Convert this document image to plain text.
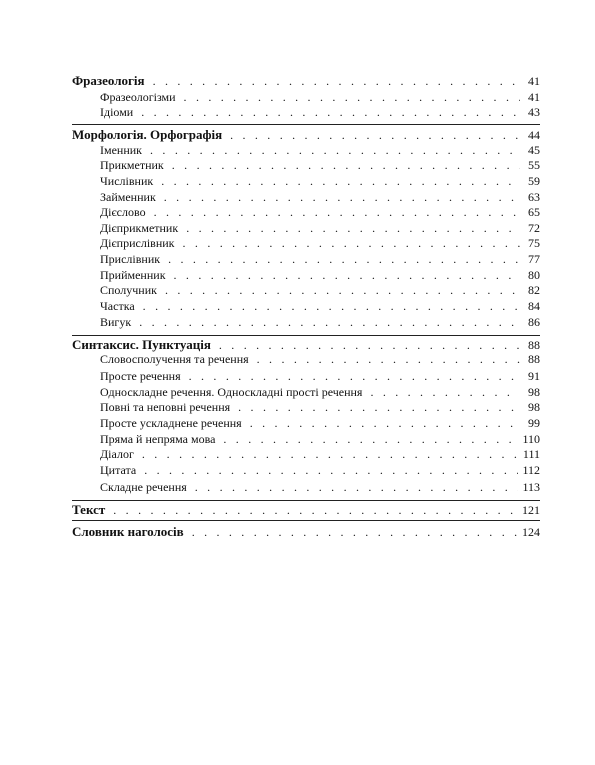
Фразеологія . . .	41
Фразеологізми . . .	41
Ідіоми . . .	43
Морфологія. Орфографія . . .	44
Іменник . . .	45
Прикметник . . .	55
Числівник . . .	59
Займенник . . .	63
Дієслово . . .	65
Дієприкметник . . .	72
Дієприслівник . . .	75
Прислівник . . .	77
Прийменник . . .	80
Сполучник . . .	82
Частка . . .	84
Вигук . . .	86
Синтаксис. Пунктуація . . .	88
Словосполучення та речення . . .	88
Просте речення . . .	91
Односкладне речення. Односкладні прості речення . . .	98
Повні та неповні речення . . .	98
Просте ускладнене речення . . .	99
Пряма й непряма мова . . .	110
Діалог . . .	111
Цитата . . .	112
Складне речення . . .	113
Текст . . .	121
Словник наголосів . . .	124
